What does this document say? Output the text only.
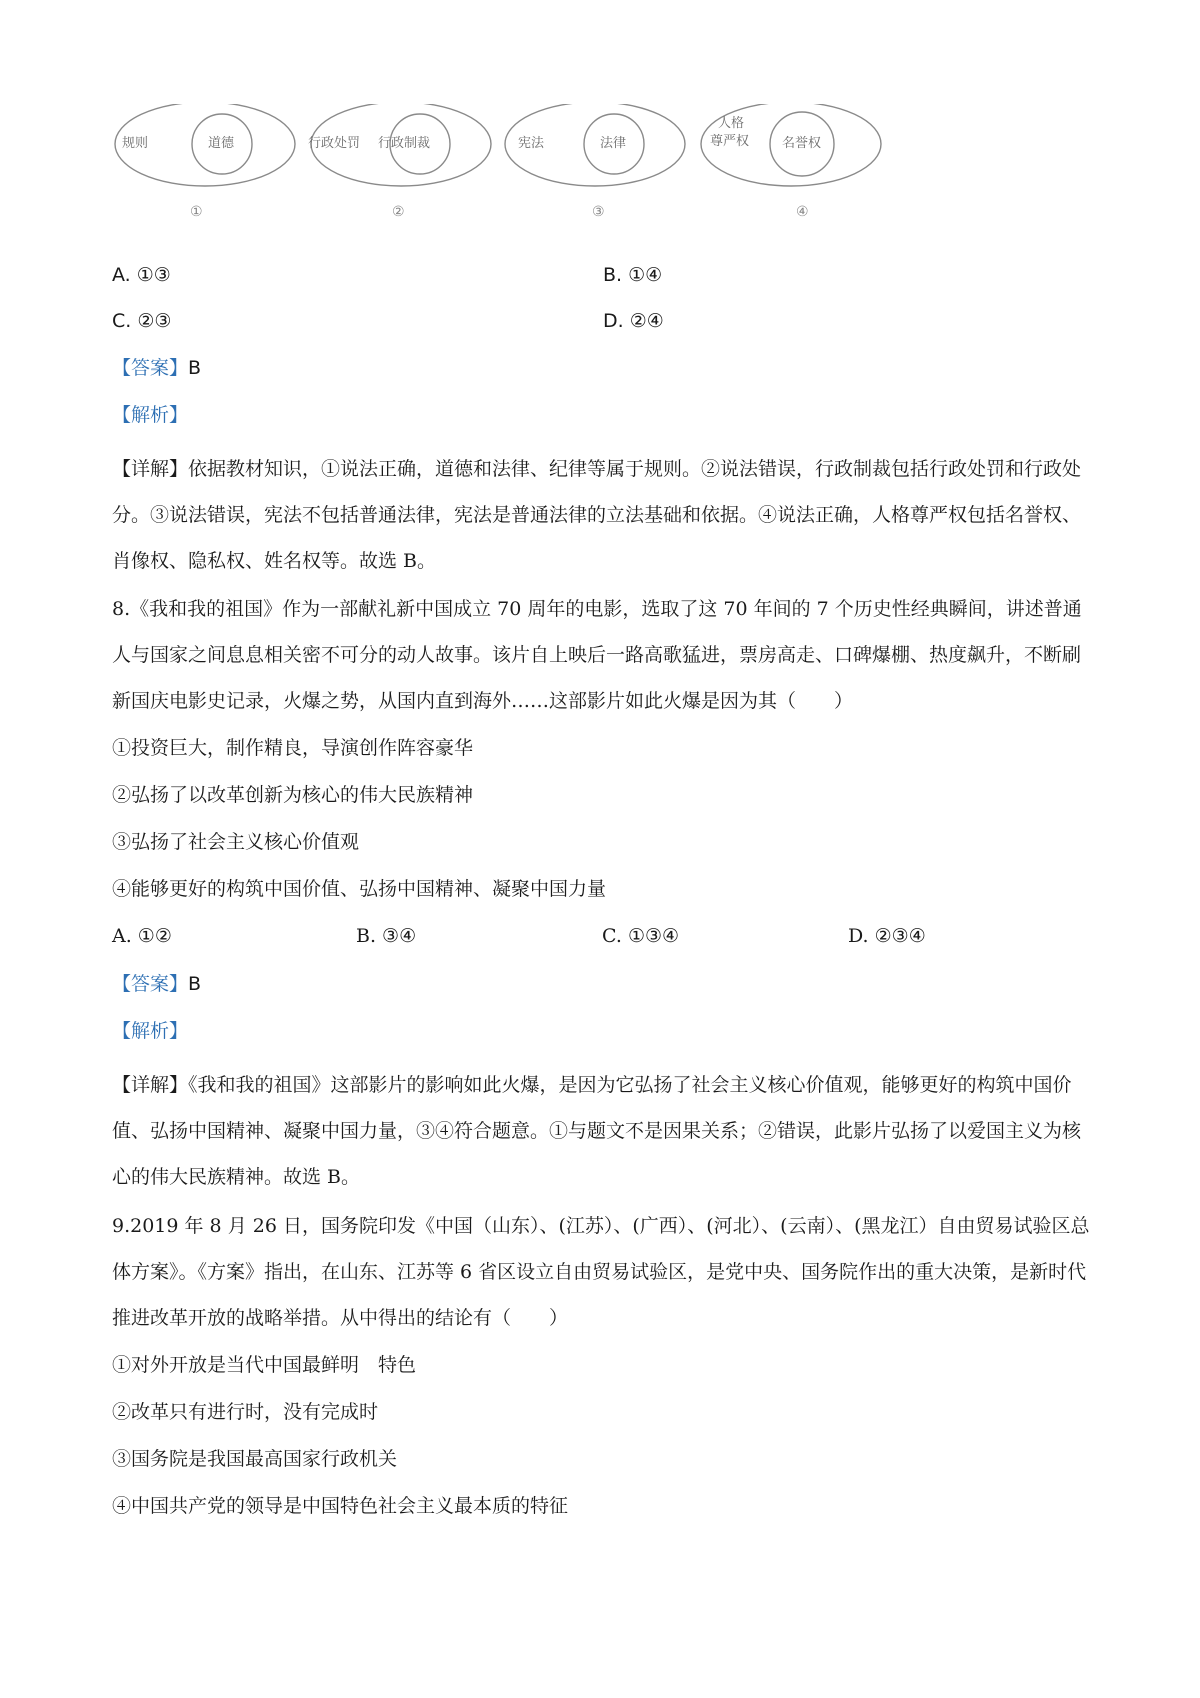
规则	道德
①
行政处罚 行政制裁
②
宪法	法律
③
人格
尊严权	名誉权
④
A. ①③	B. ①④
C. ②③	D. ②④
【答案】B
【解析】
【详解】依据教材知识，①说法正确，道德和法律、纪律等属于规则。②说法错误，行政制裁包括行政处罚和行政处分。③说法错误，宪法不包括普通法律，宪法是普通法律的立法基础和依据。④说法正确，人格尊严权包括名誉权、肖像权、隐私权、姓名权等。故选 B。
8.《我和我的祖国》作为一部献礼新中国成立 70 周年的电影，选取了这 70 年间的 7 个历史性经典瞬间，讲述普通人与国家之间息息相关密不可分的动人故事。该片自上映后一路高歌猛进，票房高走、口碑爆棚、热度飙升，不断刷新国庆电影史记录，火爆之势，从国内直到海外……这部影片如此火爆是因为其（　　）
①投资巨大，制作精良，导演创作阵容豪华
②弘扬了以改革创新为核心的伟大民族精神
③弘扬了社会主义核心价值观
④能够更好的构筑中国价值、弘扬中国精神、凝聚中国力量
A. ①②	B. ③④	C. ①③④	D. ②③④
【答案】B
【解析】
【详解】《我和我的祖国》这部影片的影响如此火爆，是因为它弘扬了社会主义核心价值观，能够更好的构筑中国价值、弘扬中国精神、凝聚中国力量，③④符合题意。①与题文不是因果关系；②错误，此影片弘扬了以爱国主义为核心的伟大民族精神。故选 B。
9.2019 年 8 月 26 日，国务院印发《中国（山东）、(江苏）、(广西）、(河北）、(云南）、(黑龙江）自由贸易试验区总体方案》。《方案》指出，在山东、江苏等 6 省区设立自由贸易试验区，是党中央、国务院作出的重大决策，是新时代推进改革开放的战略举措。从中得出的结论有（　　）
①对外开放是当代中国最鲜明　特色
②改革只有进行时，没有完成时
③国务院是我国最高国家行政机关
④中国共产党的领导是中国特色社会主义最本质的特征
